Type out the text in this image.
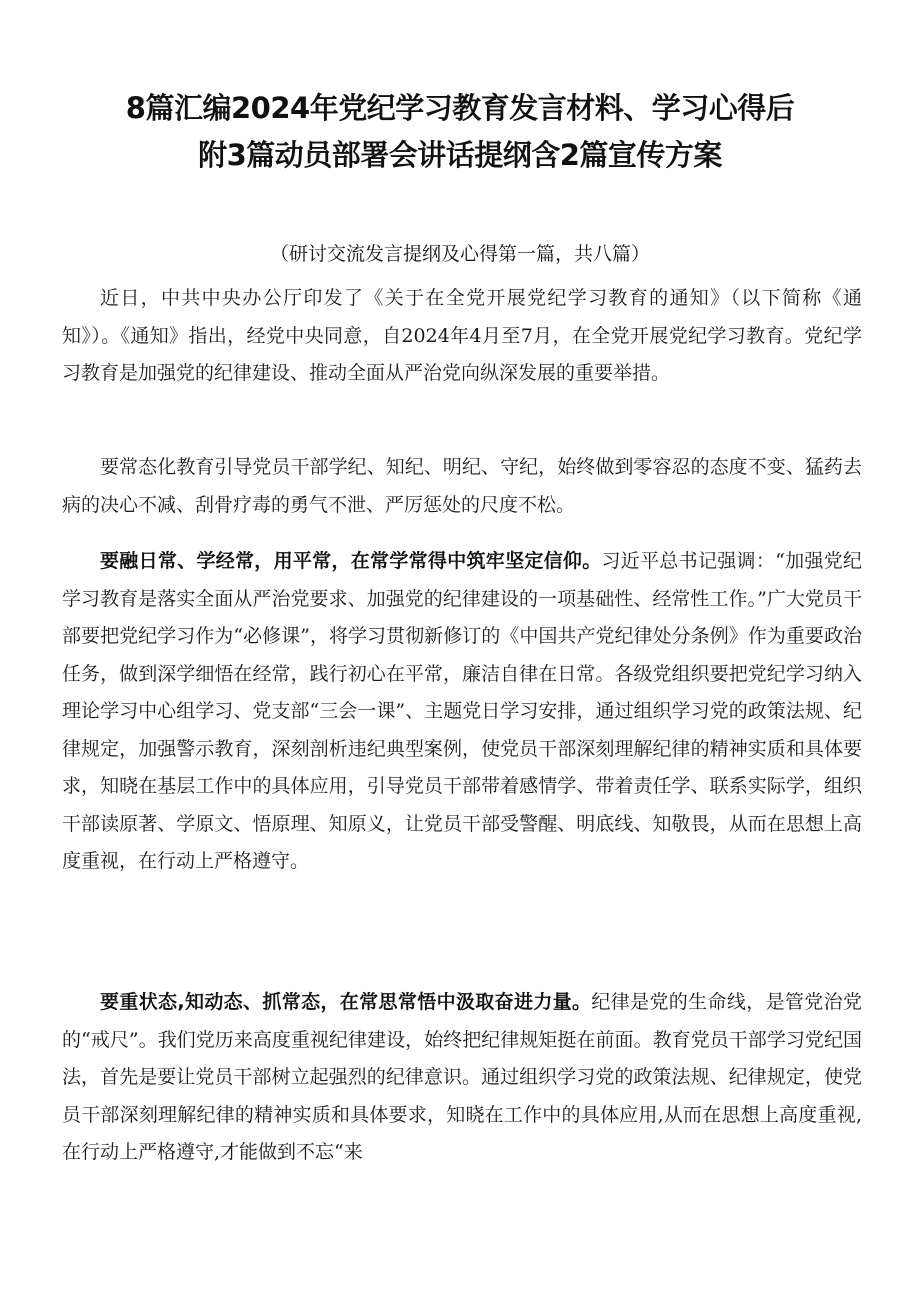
8篇汇编2024年党纪学习教育发言材料、学习心得后
附3篇动员部署会讲话提纲含2篇宣传方案
（研讨交流发言提纲及心得第一篇，共八篇）

近日，中共中央办公厅印发了《关于在全党开展党纪学习教育的通知》（以下简称《通知》）。《通知》指出，经党中央同意，自2024年4月至7月，在全党开展党纪学习教育。党纪学习教育是加强党的纪律建设、推动全面从严治党向纵深发展的重要举措。

要常态化教育引导党员干部学纪、知纪、明纪、守纪，始终做到零容忍的态度不变、猛药去病的决心不减、刮骨疗毒的勇气不泄、严厉惩处的尺度不松。

要融日常、学经常，用平常，在常学常得中筑牢坚定信仰。习近平总书记强调：“加强党纪学习教育是落实全面从严治党要求、加强党的纪律建设的一项基础性、经常性工作。”广大党员干部要把党纪学习作为“必修课”，将学习贯彻新修订的《中国共产党纪律处分条例》作为重要政治任务，做到深学细悟在经常，践行初心在平常，廉洁自律在日常。各级党组织要把党纪学习纳入理论学习中心组学习、党支部“三会一课”、主题党日学习安排，通过组织学习党的政策法规、纪律规定，加强警示教育，深刻剖析违纪典型案例，使党员干部深刻理解纪律的精神实质和具体要求，知晓在基层工作中的具体应用，引导党员干部带着感情学、带着责任学、联系实际学，组织干部读原著、学原文、悟原理、知原义，让党员干部受警醒、明底线、知敬畏，从而在思想上高度重视，在行动上严格遵守。

要重状态,知动态、抓常态，在常思常悟中汲取奋进力量。纪律是党的生命线，是管党治党的“戒尺”。我们党历来高度重视纪律建设，始终把纪律规矩挺在前面。教育党员干部学习党纪国法，首先是要让党员干部树立起强烈的纪律意识。通过组织学习党的政策法规、纪律规定，使党员干部深刻理解纪律的精神实质和具体要求，知晓在工作中的具体应用,从而在思想上高度重视,在行动上严格遵守,才能做到不忘“来
